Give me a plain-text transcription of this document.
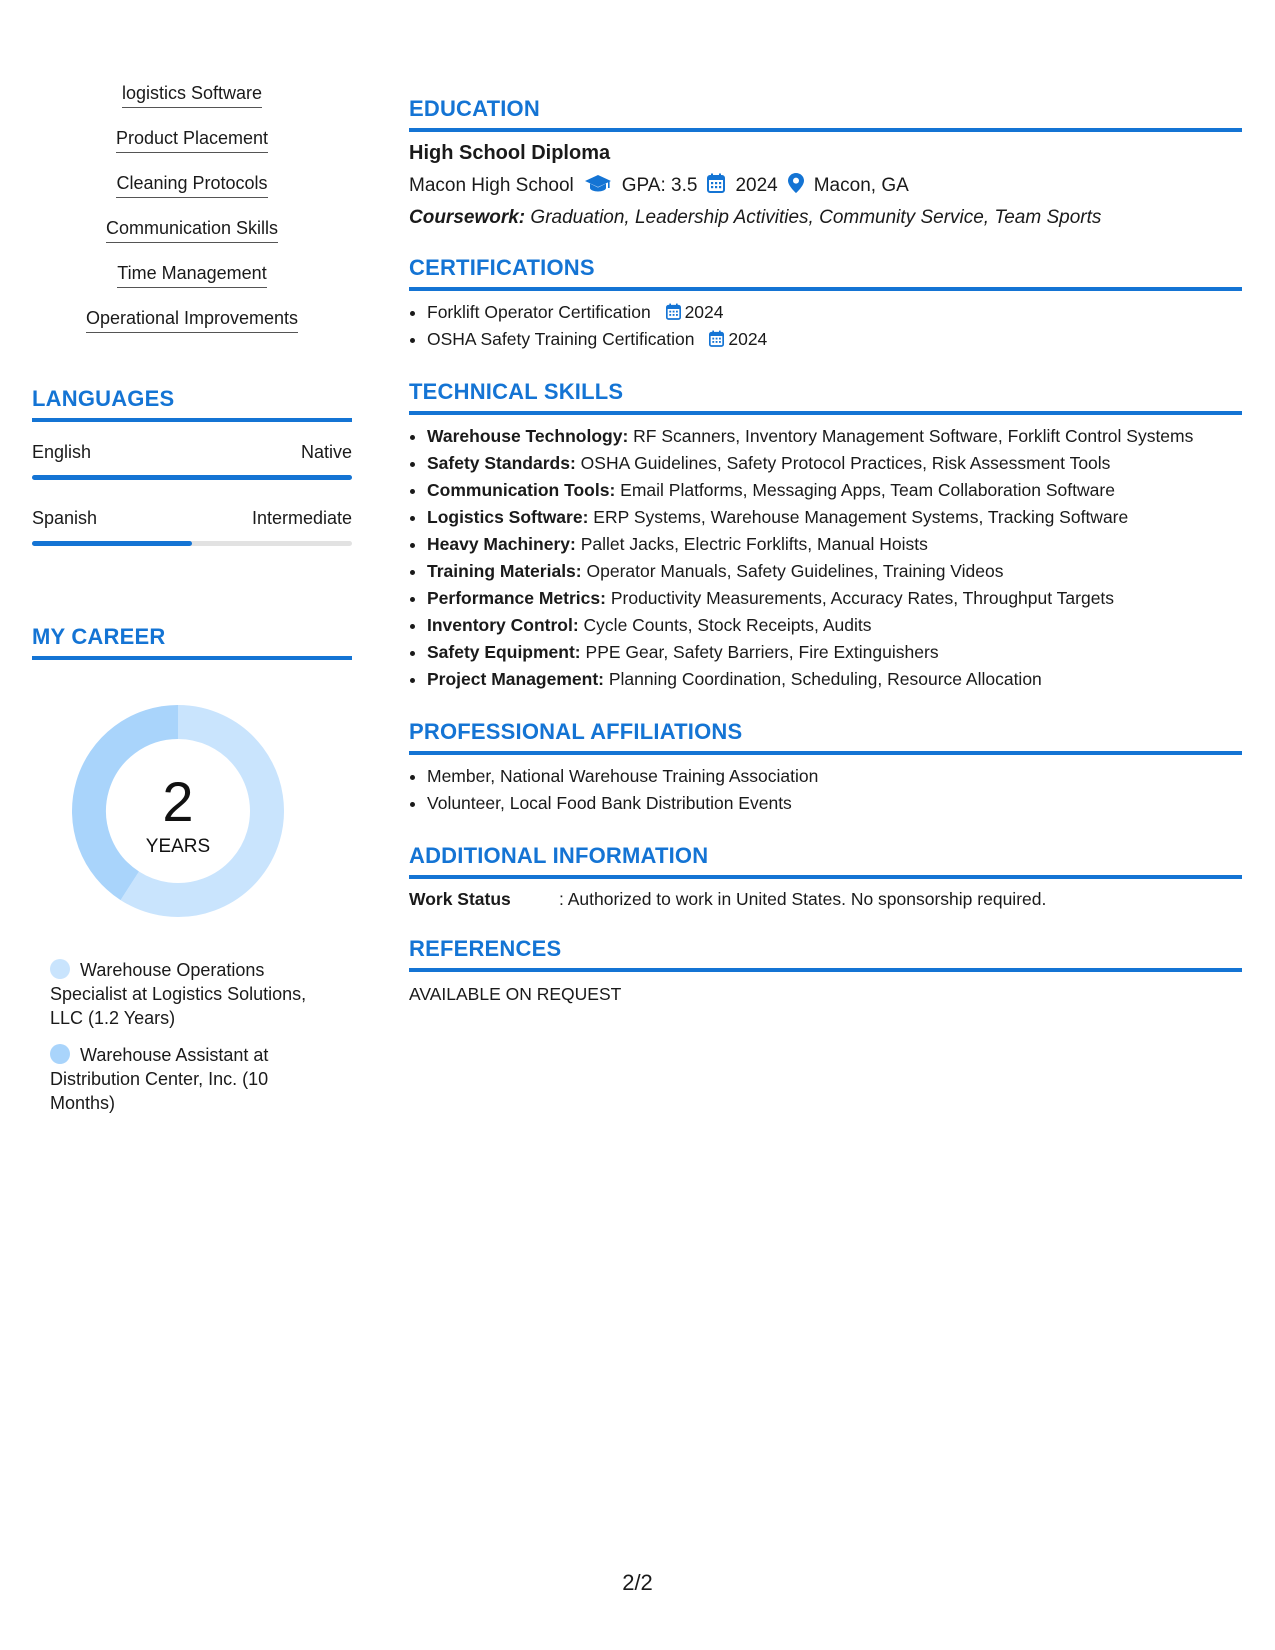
logistics Software
Product Placement
Cleaning Protocols
Communication Skills
Time Management
Operational Improvements
LANGUAGES
English	Native
Spanish	Intermediate
MY CAREER
2
YEARS
Warehouse Operations Specialist at Logistics Solutions, LLC (1.2 Years)
Warehouse Assistant at Distribution Center, Inc. (10 Months)
EDUCATION
High School Diploma
Macon High School	GPA: 3.5 2024 Macon, GA
Coursework: Graduation, Leadership Activities, Community Service, Team Sports
CERTIFICATIONS
• Forklift Operator Certification 2024
• OSHA Safety Training Certification 2024
TECHNICAL SKILLS
• Warehouse Technology: RF Scanners, Inventory Management Software, Forklift Control Systems
• Safety Standards: OSHA Guidelines, Safety Protocol Practices, Risk Assessment Tools
• Communication Tools: Email Platforms, Messaging Apps, Team Collaboration Software
• Logistics Software: ERP Systems, Warehouse Management Systems, Tracking Software
• Heavy Machinery: Pallet Jacks, Electric Forklifts, Manual Hoists
• Training Materials: Operator Manuals, Safety Guidelines, Training Videos
• Performance Metrics: Productivity Measurements, Accuracy Rates, Throughput Targets
• Inventory Control: Cycle Counts, Stock Receipts, Audits
• Safety Equipment: PPE Gear, Safety Barriers, Fire Extinguishers
• Project Management: Planning Coordination, Scheduling, Resource Allocation
PROFESSIONAL AFFILIATIONS
• Member, National Warehouse Training Association
• Volunteer, Local Food Bank Distribution Events
ADDITIONAL INFORMATION
Work Status	: Authorized to work in United States. No sponsorship required.
REFERENCES
AVAILABLE ON REQUEST
2/2
